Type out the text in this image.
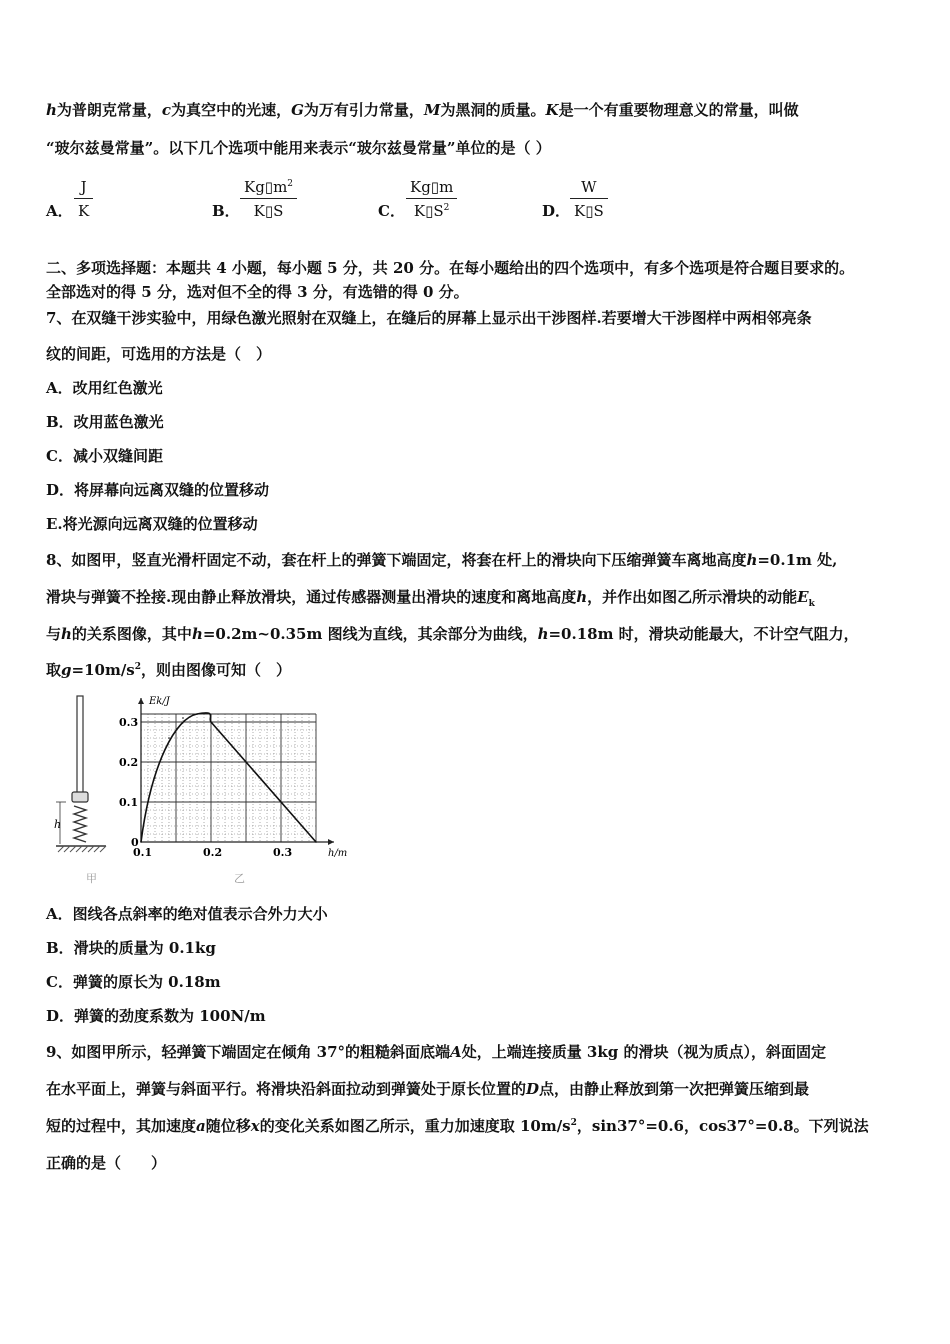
h为普朗克常量，c为真空中的光速，G为万有引力常量，M为黑洞的质量。K是一个有重要物理意义的常量，叫做
“玻尔兹曼常量”。以下几个选项中能用来表示“玻尔兹曼常量”单位的是（ ）
A． $\frac{J}{K}$	B． $\frac{Kg▯m^2}{K▯S}$	C． $\frac{Kg▯m}{K▯S^2}$	D． $\frac{W}{K▯S}$
二、多项选择题：本题共 4 小题，每小题 5 分，共 20 分。在每小题给出的四个选项中，有多个选项是符合题目要求的。
全部选对的得 5 分，选对但不全的得 3 分，有选错的得 0 分。
7、在双缝干涉实验中，用绿色激光照射在双缝上，在缝后的屏幕上显示出干涉图样.若要增大干涉图样中两相邻亮条
纹的间距，可选用的方法是（　）
A．改用红色激光
B．改用蓝色激光
C．减小双缝间距
D．将屏幕向远离双缝的位置移动
E.将光源向远离双缝的位置移动
8、如图甲，竖直光滑杆固定不动，套在杆上的弹簧下端固定，将套在杆上的滑块向下压缩弹簧车离地高度h=0.1m 处,
滑块与弹簧不拴接.现由静止释放滑块，通过传感器测量出滑块的速度和离地高度h，并作出如图乙所示滑块的动能$E_k$
与h的关系图像，其中h=0.2m~0.35m 图线为直线，其余部分为曲线，h=0.18m 时，滑块动能最大，不计空气阻力，
取$g=10m/s^2$，则由图像可知（　）
h
0.1	0.2	0.3
0.1
0.2
0.3
0
h/m
Ek/J
甲	乙
A．图线各点斜率的绝对值表示合外力大小
B．滑块的质量为 0.1kg
C．弹簧的原长为 0.18m
D．弹簧的劲度系数为 100N/m
9、如图甲所示，轻弹簧下端固定在倾角 37°的粗糙斜面底端A处，上端连接质量 3kg 的滑块（视为质点），斜面固定
在水平面上，弹簧与斜面平行。将滑块沿斜面拉动到弹簧处于原长位置的D点，由静止释放到第一次把弹簧压缩到最
短的过程中，其加速度a随位移x的变化关系如图乙所示，重力加速度取 $10m/s^2$，sin37°=0.6，cos37°=0.8。下列说法
正确的是（　　）
